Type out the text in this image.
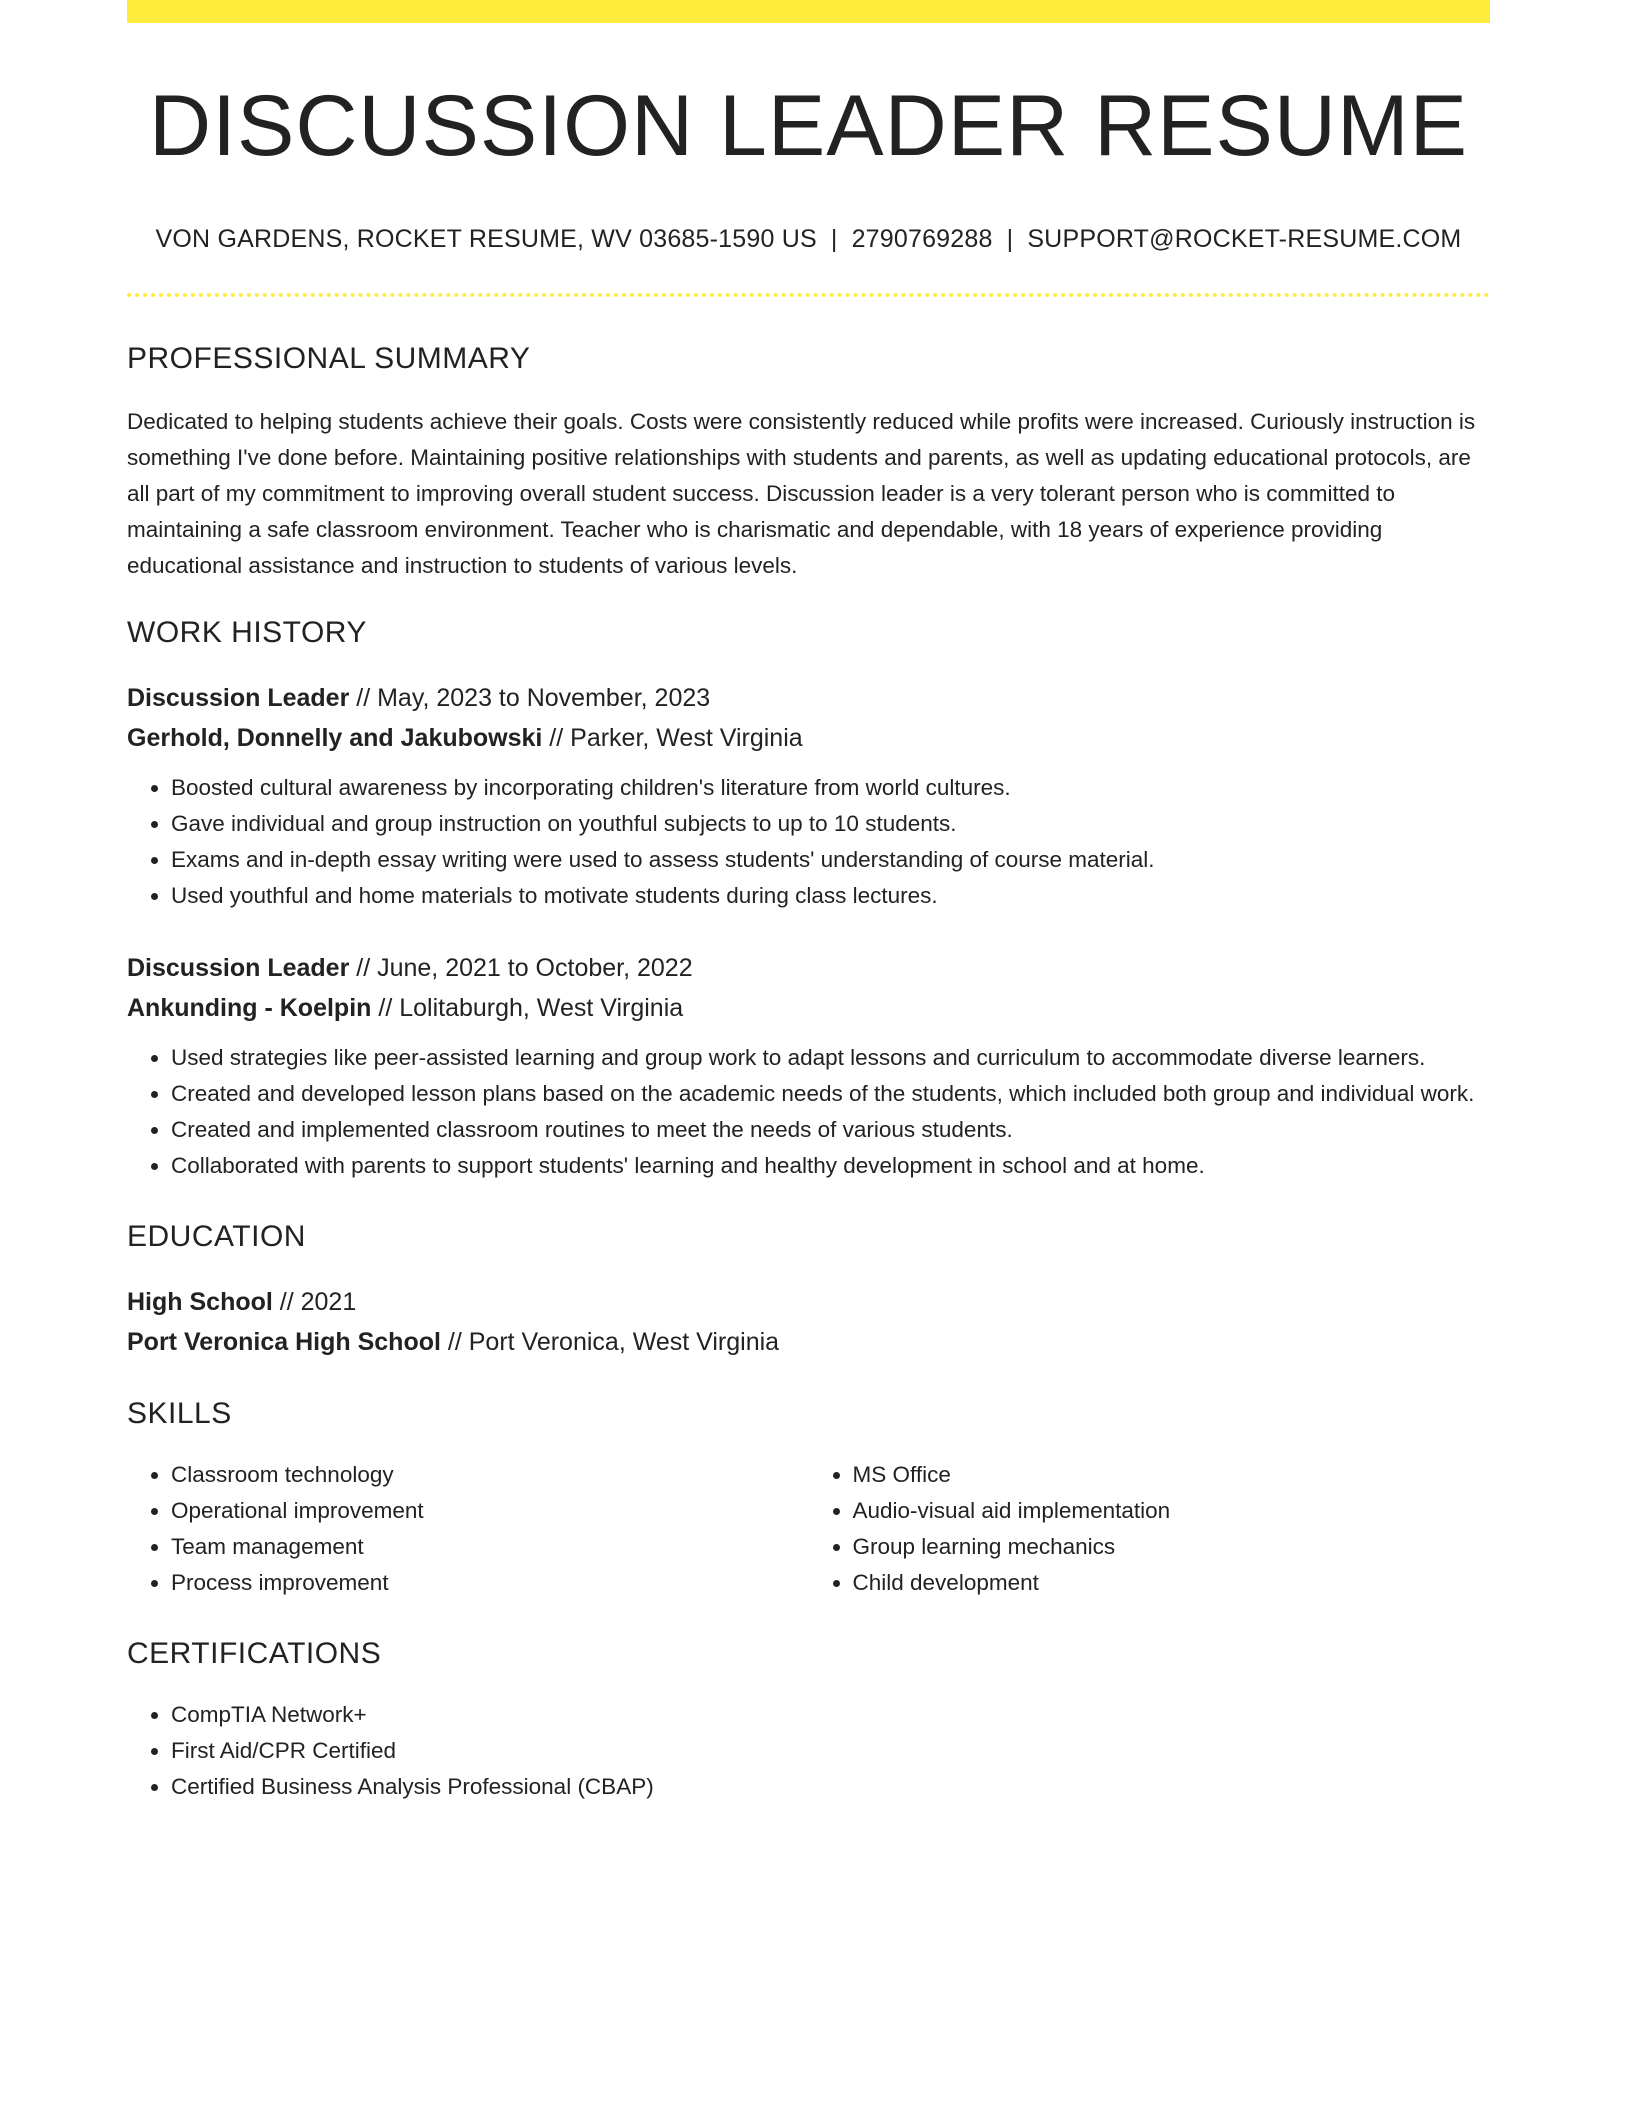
DISCUSSION LEADER RESUME
VON GARDENS, ROCKET RESUME, WV 03685-1590 US | 2790769288 | SUPPORT@ROCKET-RESUME.COM
PROFESSIONAL SUMMARY
Dedicated to helping students achieve their goals. Costs were consistently reduced while profits were increased. Curiously instruction is something I've done before. Maintaining positive relationships with students and parents, as well as updating educational protocols, are all part of my commitment to improving overall student success. Discussion leader is a very tolerant person who is committed to maintaining a safe classroom environment. Teacher who is charismatic and dependable, with 18 years of experience providing educational assistance and instruction to students of various levels.
WORK HISTORY
Discussion Leader // May, 2023 to November, 2023
Gerhold, Donnelly and Jakubowski // Parker, West Virginia
• Boosted cultural awareness by incorporating children's literature from world cultures.
• Gave individual and group instruction on youthful subjects to up to 10 students.
• Exams and in-depth essay writing were used to assess students' understanding of course material.
• Used youthful and home materials to motivate students during class lectures.
Discussion Leader // June, 2021 to October, 2022
Ankunding - Koelpin // Lolitaburgh, West Virginia
• Used strategies like peer-assisted learning and group work to adapt lessons and curriculum to accommodate diverse learners.
• Created and developed lesson plans based on the academic needs of the students, which included both group and individual work.
• Created and implemented classroom routines to meet the needs of various students.
• Collaborated with parents to support students' learning and healthy development in school and at home.
EDUCATION
High School // 2021
Port Veronica High School // Port Veronica, West Virginia
SKILLS
• Classroom technology
• Operational improvement
• Team management
• Process improvement
• MS Office
• Audio-visual aid implementation
• Group learning mechanics
• Child development
CERTIFICATIONS
• CompTIA Network+
• First Aid/CPR Certified
• Certified Business Analysis Professional (CBAP)
